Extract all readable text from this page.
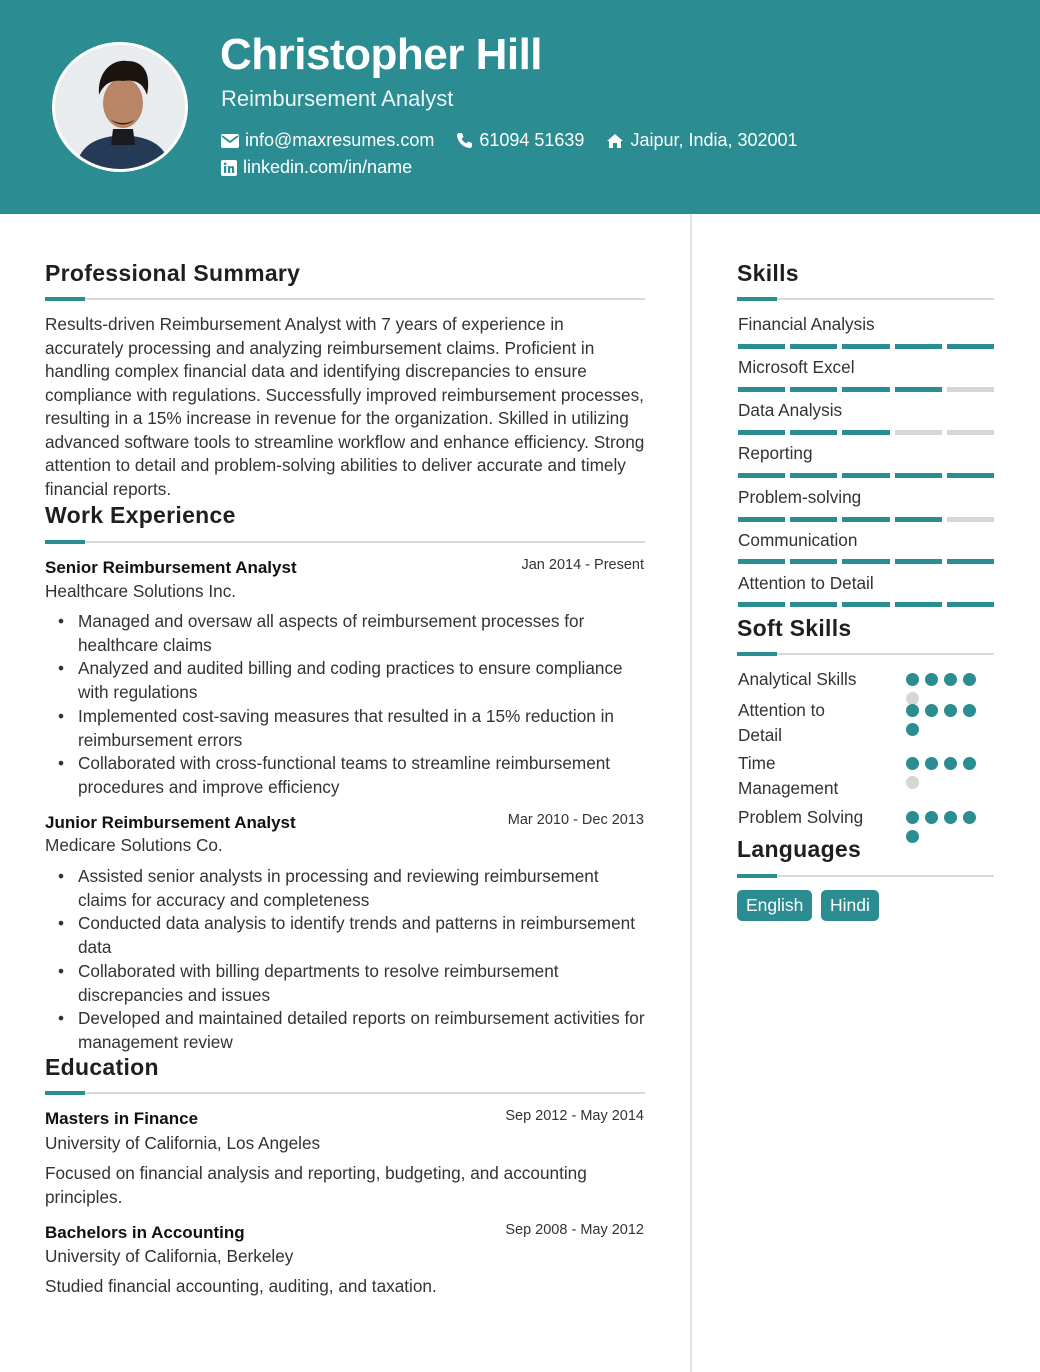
Christopher Hill
Reimbursement Analyst
info@maxresumes.com	61094 51639	Jaipur, India, 302001
linkedin.com/in/name
Professional Summary
Results-driven Reimbursement Analyst with 7 years of experience in accurately processing and analyzing reimbursement claims. Proficient in handling complex financial data and identifying discrepancies to ensure compliance with regulations. Successfully improved reimbursement processes, resulting in a 15% increase in revenue for the organization. Skilled in utilizing advanced software tools to streamline workflow and enhance efficiency. Strong attention to detail and problem-solving abilities to deliver accurate and timely financial reports.
Work Experience
Senior Reimbursement Analyst	Jan 2014 - Present
Healthcare Solutions Inc.
• Managed and oversaw all aspects of reimbursement processes for healthcare claims
• Analyzed and audited billing and coding practices to ensure compliance with regulations
• Implemented cost-saving measures that resulted in a 15% reduction in reimbursement errors
• Collaborated with cross-functional teams to streamline reimbursement procedures and improve efficiency
Junior Reimbursement Analyst	Mar 2010 - Dec 2013
Medicare Solutions Co.
• Assisted senior analysts in processing and reviewing reimbursement claims for accuracy and completeness
• Conducted data analysis to identify trends and patterns in reimbursement data
• Collaborated with billing departments to resolve reimbursement discrepancies and issues
• Developed and maintained detailed reports on reimbursement activities for management review
Education
Masters in Finance	Sep 2012 - May 2014
University of California, Los Angeles
Focused on financial analysis and reporting, budgeting, and accounting principles.
Bachelors in Accounting	Sep 2008 - May 2012
University of California, Berkeley
Studied financial accounting, auditing, and taxation.
Skills
Financial Analysis
Microsoft Excel
Data Analysis
Reporting
Problem-solving
Communication
Attention to Detail
Soft Skills
Analytical Skills
Attention to Detail
Time Management
Problem Solving
Languages
English	Hindi
